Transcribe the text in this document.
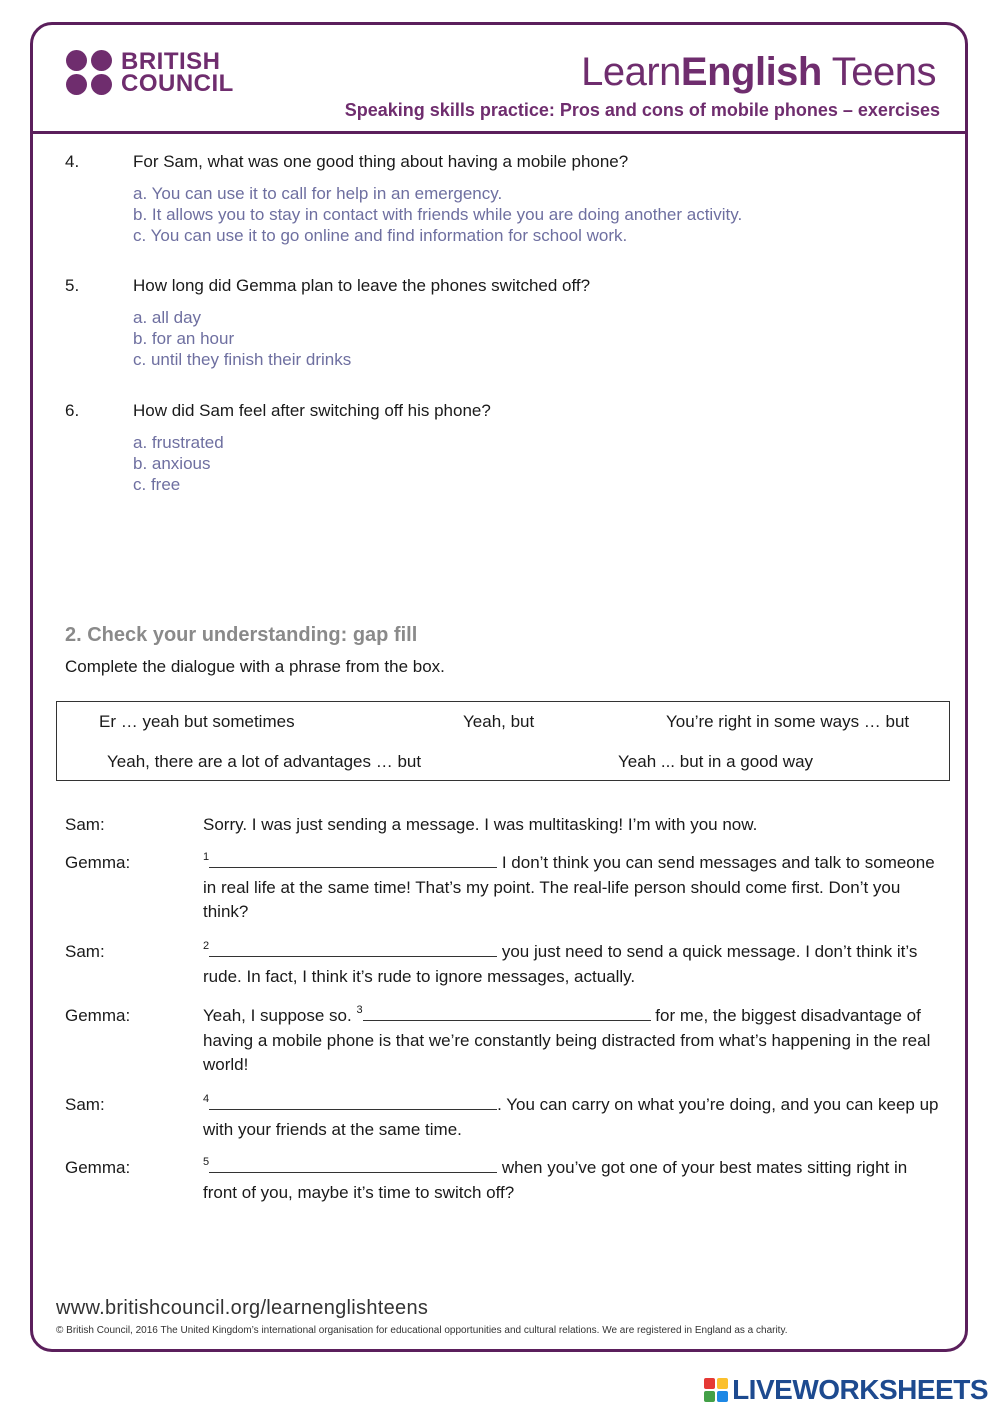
BRITISH
COUNCIL	LearnEnglish Teens
Speaking skills practice: Pros and cons of mobile phones – exercises
4.	For Sam, what was one good thing about having a mobile phone?
a. You can use it to call for help in an emergency.
b. It allows you to stay in contact with friends while you are doing another activity.
c. You can use it to go online and find information for school work.
5.	How long did Gemma plan to leave the phones switched off?
a. all day
b. for an hour
c. until they finish their drinks
6.	How did Sam feel after switching off his phone?
a. frustrated
b. anxious
c. free
2. Check your understanding: gap fill
Complete the dialogue with a phrase from the box.
Er … yeah but sometimes	Yeah, but	You’re right in some ways … but
Yeah, there are a lot of advantages … but	Yeah ... but in a good way
Sam:	Sorry. I was just sending a message. I was multitasking! I’m with you now.
Gemma:	$^1$	I don’t think you can send messages and talk to someone in real life at the same time! That’s my point. The real-life person should come first. Don’t you think?
Sam:	$^2$	you just need to send a quick message. I don’t think it’s rude. In fact, I think it’s rude to ignore messages, actually.
Gemma:	Yeah, I suppose so. $^3$	for me, the biggest disadvantage of having a mobile phone is that we’re constantly being distracted from what’s happening in the real world!
Sam:	$^4$	. You can carry on what you’re doing, and you can keep up with your friends at the same time.
Gemma:	$^5$	when you’ve got one of your best mates sitting right in front of you, maybe it’s time to switch off?
www.britishcouncil.org/learnenglishteens
© British Council, 2016 The United Kingdom’s international organisation for educational opportunities and cultural relations. We are registered in England as a charity.
LIVEWORKSHEETS
